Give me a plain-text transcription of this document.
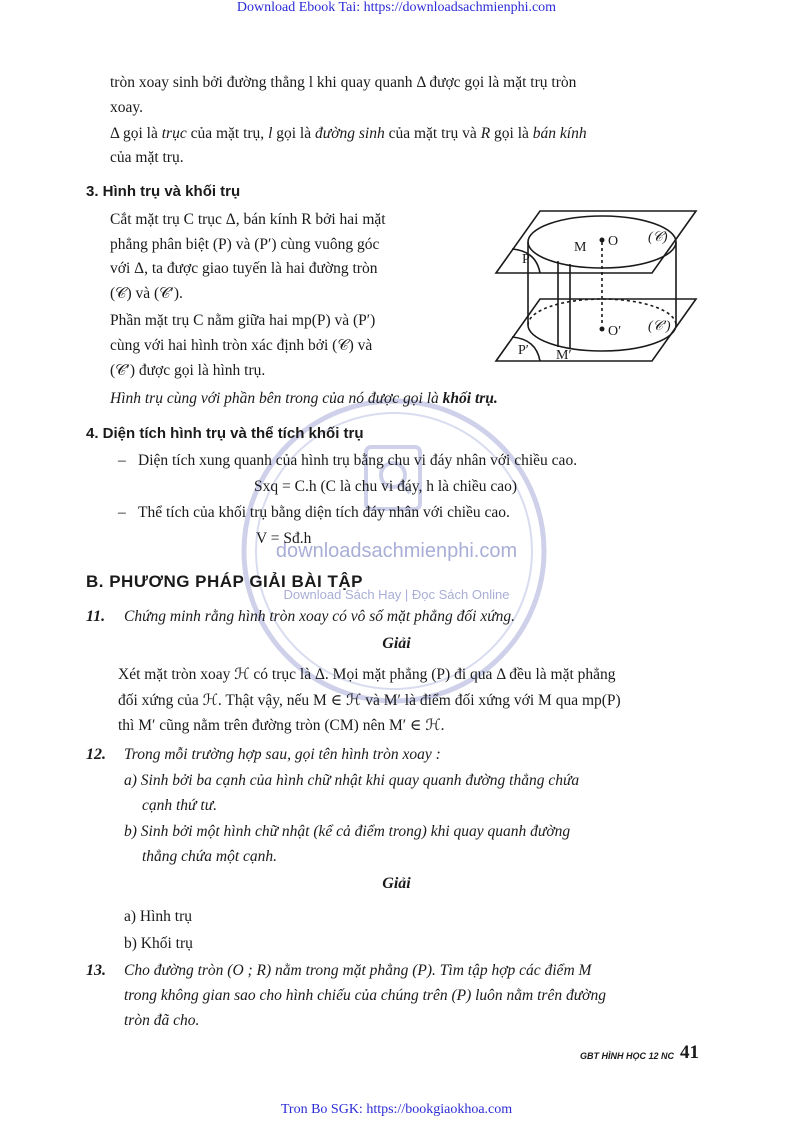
Download Ebook Tai: https://downloadsachmienphi.com
Tron Bo SGK: https://bookgiaokhoa.com
downloadsachmienphi.com
Download Sách Hay | Đọc Sách Online
tròn xoay sinh bởi đường thẳng l khi quay quanh Δ được gọi là mặt trụ tròn
xoay.
Δ gọi là trục của mặt trụ, l gọi là đường sinh của mặt trụ và R gọi là bán kính
của mặt trụ.
3. Hình trụ và khối trụ
Cắt mặt trụ C trục Δ, bán kính R bởi hai mặt
phẳng phân biệt (P) và (P′) cùng vuông góc
với Δ, ta được giao tuyến là hai đường tròn
(𝒞) và (𝒞′).
Phần mặt trụ C nằm giữa hai mp(P) và (P′)
cùng với hai hình tròn xác định bởi (𝒞) và
(𝒞′) được gọi là hình trụ.
Hình trụ cùng với phần bên trong của nó được gọi là khối trụ.
M O (𝒞)
P
O′ (𝒞′)
P′ M′
4. Diện tích hình trụ và thể tích khối trụ
– Diện tích xung quanh của hình trụ bằng chu vi đáy nhân với chiều cao.
Sxq = C.h (C là chu vi đáy, h là chiều cao)
– Thể tích của khối trụ bằng diện tích đáy nhân với chiều cao.
V = Sđ.h
B. PHƯƠNG PHÁP GIẢI BÀI TẬP
11. Chứng minh rằng hình tròn xoay có vô số mặt phẳng đối xứng.
Giải
Xét mặt tròn xoay ℋ có trục là Δ. Mọi mặt phẳng (P) đi qua Δ đều là mặt phẳng
đối xứng của ℋ. Thật vậy, nếu M ∈ ℋ và M′ là điểm đối xứng với M qua mp(P)
thì M′ cũng nằm trên đường tròn (CM) nên M′ ∈ ℋ.
12. Trong mỗi trường hợp sau, gọi tên hình tròn xoay :
a) Sinh bởi ba cạnh của hình chữ nhật khi quay quanh đường thẳng chứa
cạnh thứ tư.
b) Sinh bởi một hình chữ nhật (kể cả điểm trong) khi quay quanh đường
thẳng chứa một cạnh.
Giải
a) Hình trụ
b) Khối trụ
13. Cho đường tròn (O ; R) nằm trong mặt phẳng (P). Tìm tập hợp các điểm M
trong không gian sao cho hình chiếu của chúng trên (P) luôn nằm trên đường
tròn đã cho.
GBT HÌNH HỌC 12 NC 41
